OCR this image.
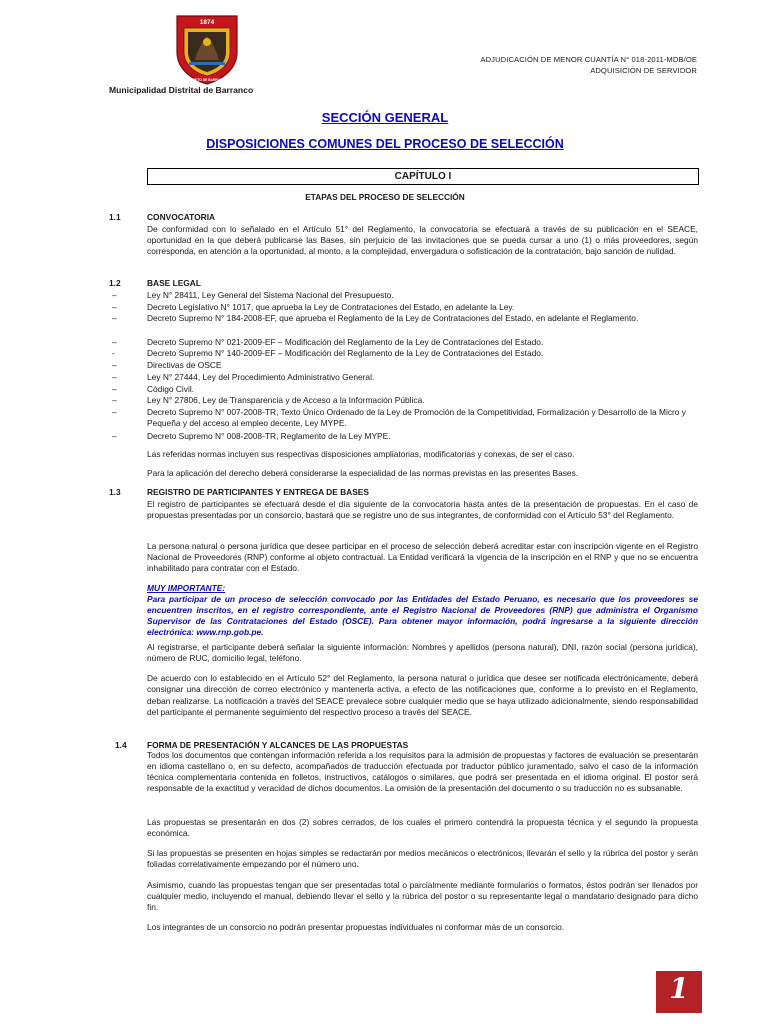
1874
DISTRITO DE BARRANCO
ADJUDICACIÓN DE MENOR CUANTÍA N° 018-2011-MDB/OE
ADQUISICIÓN DE SERVIDOR
Municipalidad Distrital de Barranco
SECCIÓN GENERAL
DISPOSICIONES COMUNES DEL PROCESO DE SELECCIÓN
CAPÍTULO I
ETAPAS DEL PROCESO DE SELECCIÓN
1.1	CONVOCATORIA
De conformidad con lo señalado en el Artículo 51° del Reglamento, la convocatoria se efectuará a través de su publicación en el SEACE, oportunidad en la que deberá publicarse las Bases, sin perjuicio de las invitaciones que se pueda cursar a uno (1) o más proveedores, según corresponda, en atención a la oportunidad, al monto, a la complejidad, envergadura o sofisticación de la contratación, bajo sanción de nulidad.
1.2	BASE LEGAL
–	Ley N° 28411, Ley General del Sistema Nacional del Presupuesto.
–	Decreto Legislativo N° 1017, que aprueba la Ley de Contrataciones del Estado, en adelante la Ley.
–	Decreto Supremo N° 184-2008-EF, que aprueba el Reglamento de la Ley de Contrataciones del Estado, en adelante el Reglamento.
–	Decreto Supremo N° 021-2009-EF – Modificación del Reglamento de la Ley de Contrataciones del Estado.
-	Decreto Supremo N° 140-2009-EF – Modificación del Reglamento de la Ley de Contrataciones del Estado.
–	Directivas de OSCE
–	Ley N° 27444, Ley del Procedimiento Administrativo General.
–	Código Civil.
–	Ley N° 27806, Ley de Transparencia y de Acceso a la Información Pública.
–	Decreto Supremo N° 007-2008-TR, Texto Único Ordenado de la Ley de Promoción de la Competitividad, Formalización y Desarrollo de la Micro y Pequeña y del acceso al empleo decente, Ley MYPE.
–	Decreto Supremo N° 008-2008-TR, Reglamento de la Ley MYPE.
Las referidas normas incluyen sus respectivas disposiciones ampliatorias, modificatorias y conexas, de ser el caso.
Para la aplicación del derecho deberá considerarse la especialidad de las normas previstas en las presentes Bases.
1.3	REGISTRO DE PARTICIPANTES Y ENTREGA DE BASES
El registro de participantes se efectuará desde el día siguiente de la convocatoria hasta antes de la presentación de propuestas. En el caso de propuestas presentadas por un consorcio, bastará que se registre uno de sus integrantes, de conformidad con el Artículo 53° del Reglamento.
La persona natural o persona jurídica que desee participar en el proceso de selección deberá acreditar estar con inscripción vigente en el Registro Nacional de Proveedores (RNP) conforme al objeto contractual. La Entidad verificará la vigencia de la inscripción en el RNP y que no se encuentra inhabilitado para contratar con el Estado.
MUY IMPORTANTE:
Para participar de un proceso de selección convocado por las Entidades del Estado Peruano, es necesario que los proveedores se encuentren inscritos, en el registro correspondiente, ante el Registro Nacional de Proveedores (RNP) que administra el Organismo Supervisor de las Contrataciones del Estado (OSCE). Para obtener mayor información, podrá ingresarse a la siguiente dirección electrónica: www.rnp.gob.pe.
Al registrarse, el participante deberá señalar la siguiente información: Nombres y apellidos (persona natural), DNI, razón social (persona jurídica), número de RUC, domicilio legal, teléfono.
De acuerdo con lo establecido en el Artículo 52° del Reglamento, la persona natural o jurídica que desee ser notificada electrónicamente, deberá consignar una dirección de correo electrónico y mantenerla activa, a efecto de las notificaciones que, conforme a lo previsto en el Reglamento, deban realizarse. La notificación a través del SEACE prevalece sobre cualquier medio que se haya utilizado adicionalmente, siendo responsabilidad del participante el permanente seguimiento del respectivo proceso a través del SEACE.
1.4 FORMA DE PRESENTACIÓN Y ALCANCES DE LAS PROPUESTAS
Todos los documentos que contengan información referida a los requisitos para la admisión de propuestas y factores de evaluación se presentarán en idioma castellano o, en su defecto, acompañados de traducción efectuada por traductor público juramentado, salvo el caso de la información técnica complementaria contenida en folletos, instructivos, catálogos o similares, que podrá ser presentada en el idioma original. El postor será responsable de la exactitud y veracidad de dichos documentos. La omisión de la presentación del documento o su traducción no es subsanable.
Las propuestas se presentarán en dos (2) sobres cerrados, de los cuales el primero contendrá la propuesta técnica y el segundo la propuesta económica.
Si las propuestas se presenten en hojas simples se redactarán por medios mecánicos o electrónicos, llevarán el sello y la rúbrica del postor y serán foliadas correlativamente empezando por el número uno.
Asimismo, cuando las propuestas tengan que ser presentadas total o parcialmente mediante formularios o formatos, éstos podrán ser llenados por cualquier medio, incluyendo el manual, debiendo llevar el sello y la rúbrica del postor o su representante legal o mandatario designado para dicho fin.
Los integrantes de un consorcio no podrán presentar propuestas individuales ni conformar más de un consorcio.
1
